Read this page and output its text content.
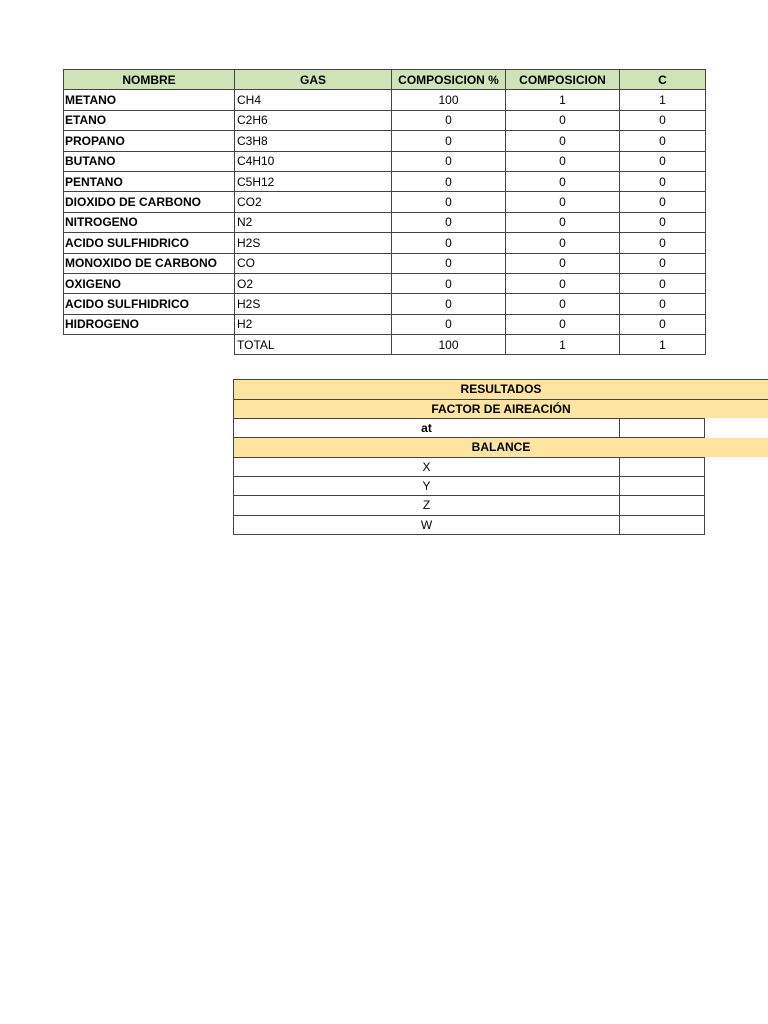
NOMBRE	GAS	COMPOSICION %	COMPOSICION	C
METANO	CH4	100	1	1
ETANO	C2H6	0	0	0
PROPANO	C3H8	0	0	0
BUTANO	C4H10	0	0	0
PENTANO	C5H12	0	0	0
DIOXIDO DE CARBONO	CO2	0	0	0
NITROGENO	N2	0	0	0
ACIDO SULFHIDRICO	H2S	0	0	0
MONOXIDO DE CARBONO	CO	0	0	0
OXIGENO	O2	0	0	0
ACIDO SULFHIDRICO	H2S	0	0	0
HIDROGENO	H2	0	0	0
	TOTAL	100	1	1
RESULTADOS
FACTOR DE AIREACIÓN
at
BALANCE
X
Y
Z
W
